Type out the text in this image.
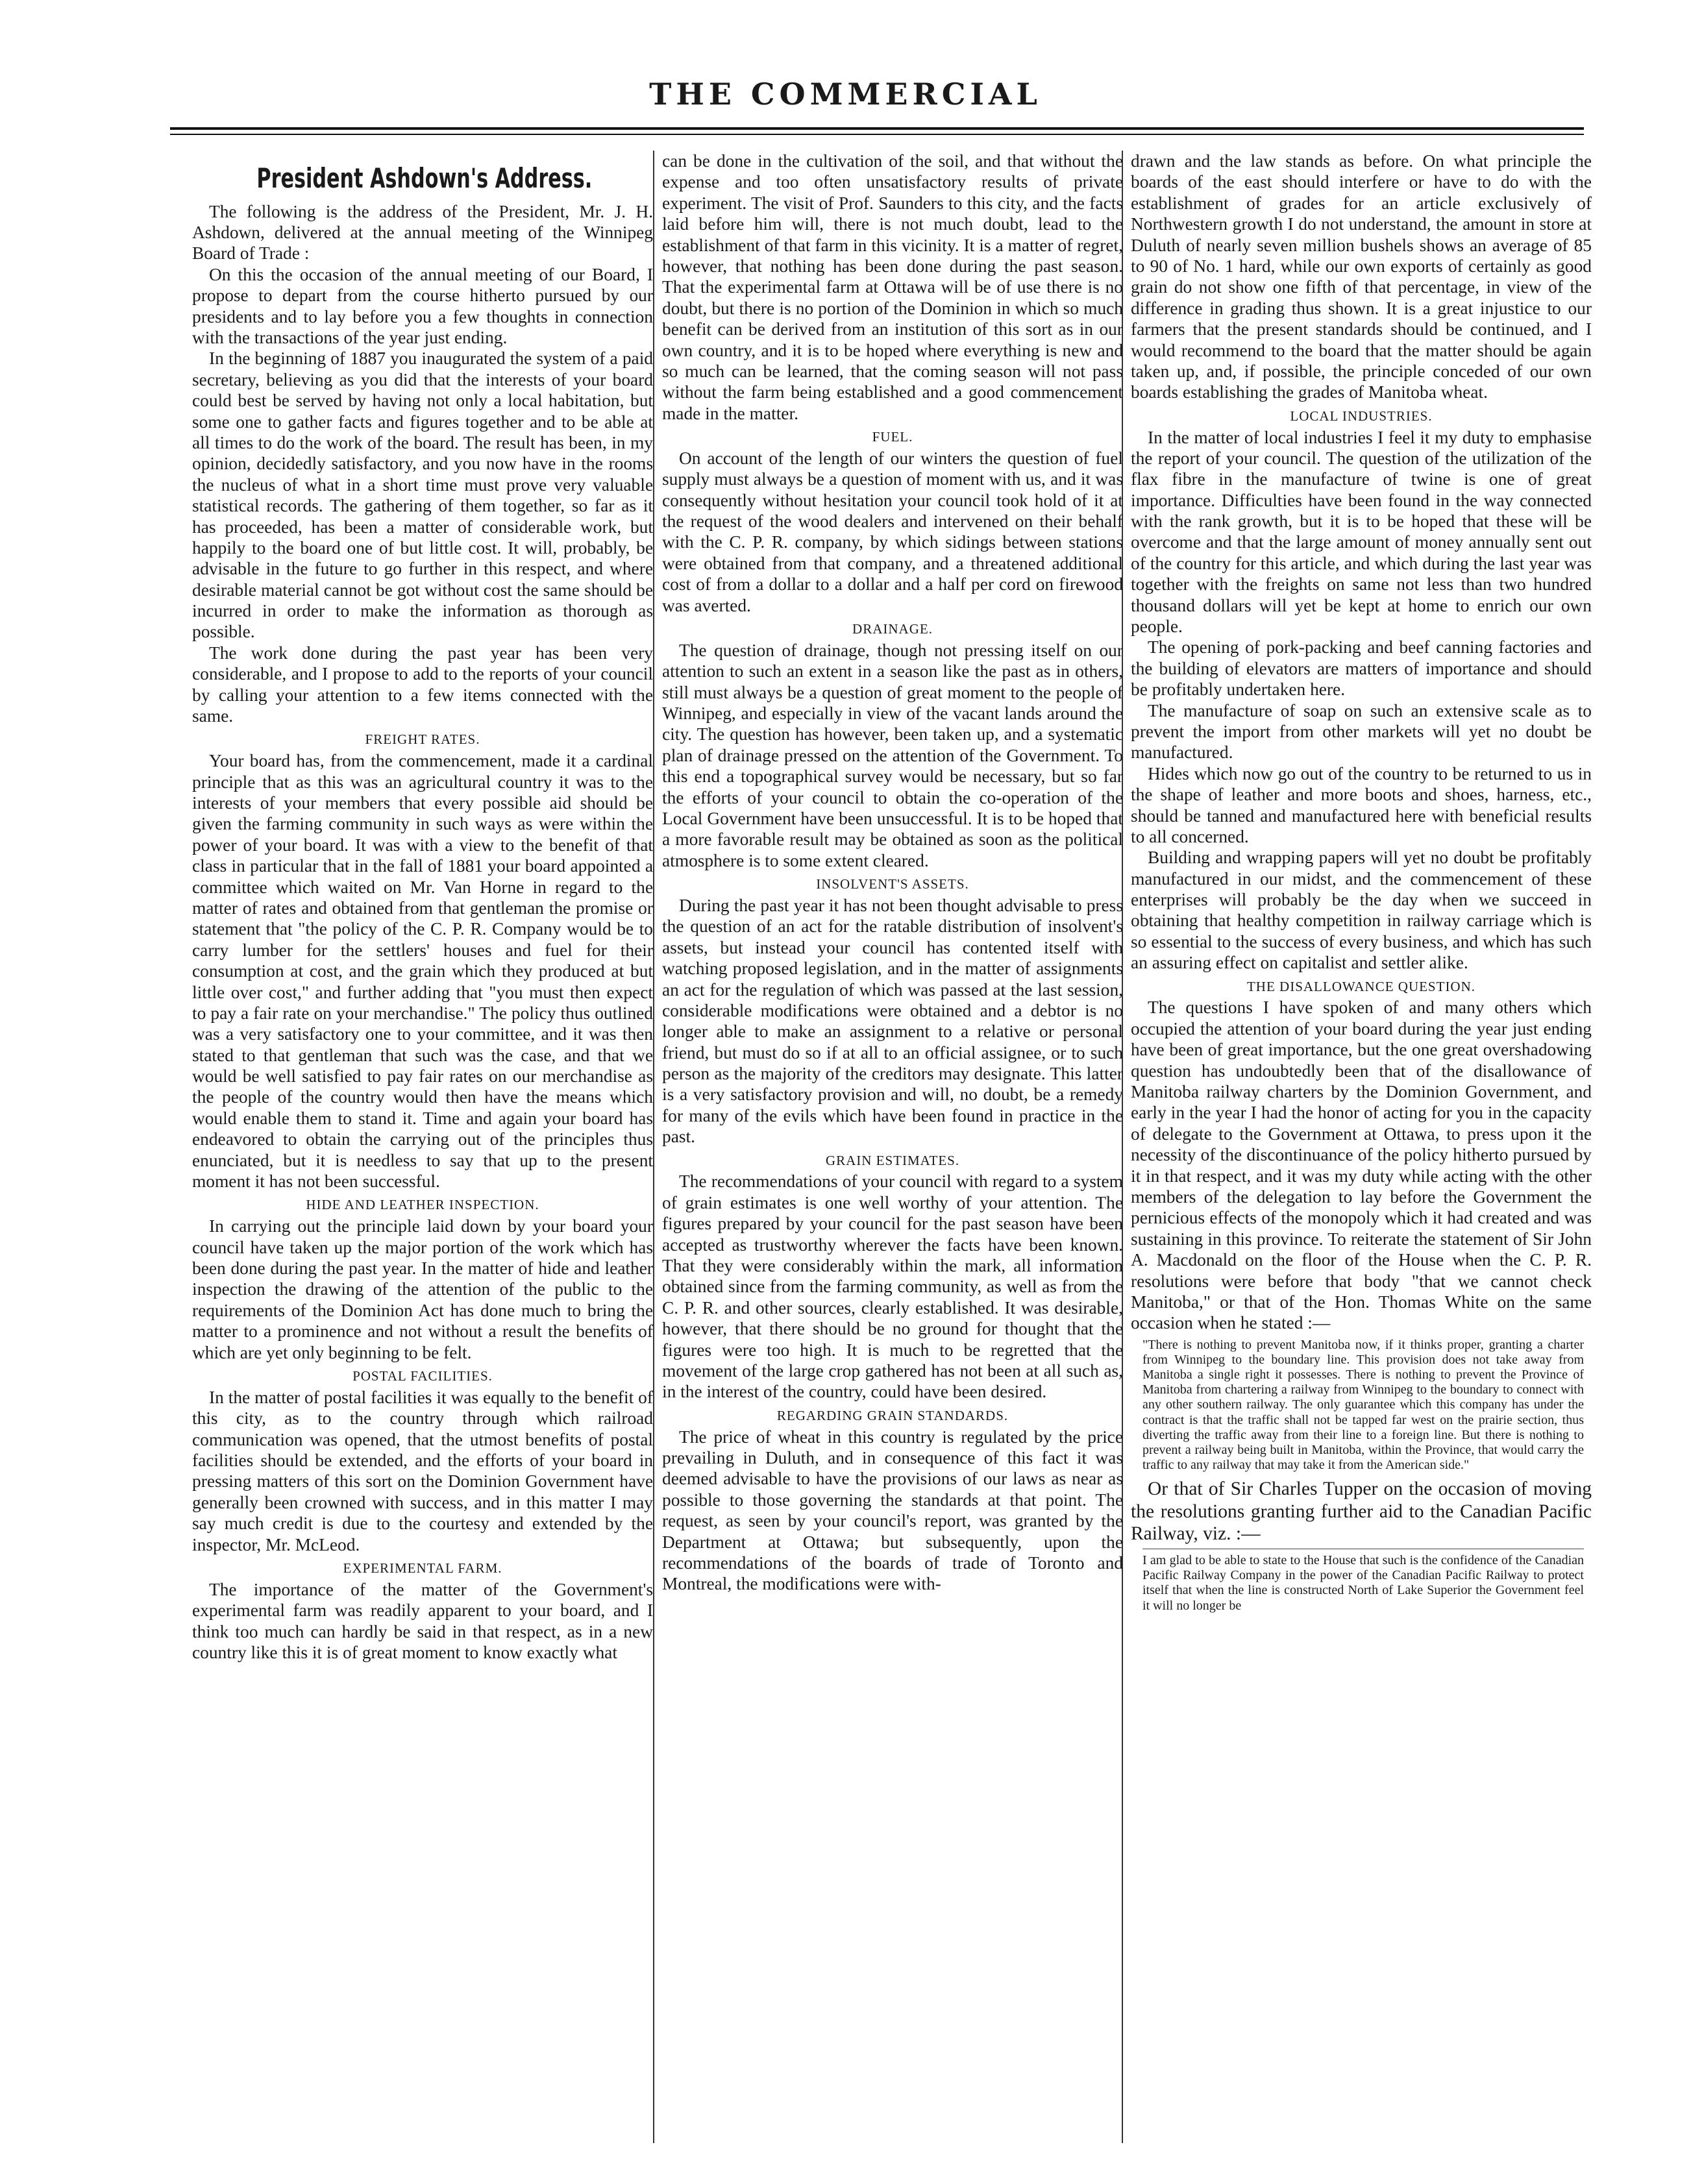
THE COMMERCIAL
President Ashdown's Address.

The following is the address of the President, Mr. J. H. Ashdown, delivered at the annual meeting of the Winnipeg Board of Trade :

On this the occasion of the annual meeting of our Board, I propose to depart from the course hitherto pursued by our presidents and to lay before you a few thoughts in connection with the transactions of the year just ending.

In the beginning of 1887 you inaugurated the system of a paid secretary, believing as you did that the interests of your board could best be served by having not only a local habitation, but some one to gather facts and figures together and to be able at all times to do the work of the board. The result has been, in my opinion, decidedly satisfactory, and you now have in the rooms the nucleus of what in a short time must prove very valuable statistical records. The gathering of them together, so far as it has proceeded, has been a matter of considerable work, but happily to the board one of but little cost. It will, probably, be advisable in the future to go further in this respect, and where desirable material cannot be got without cost the same should be incurred in order to make the information as thorough as possible.

The work done during the past year has been very considerable, and I propose to add to the reports of your council by calling your attention to a few items connected with the same.

FREIGHT RATES.

Your board has, from the commencement, made it a cardinal principle that as this was an agricultural country it was to the interests of your members that every possible aid should be given the farming community in such ways as were within the power of your board. It was with a view to the benefit of that class in particular that in the fall of 1881 your board appointed a committee which waited on Mr. Van Horne in regard to the matter of rates and obtained from that gentleman the promise or statement that "the policy of the C. P. R. Company would be to carry lumber for the settlers' houses and fuel for their consumption at cost, and the grain which they produced at but little over cost," and further adding that "you must then expect to pay a fair rate on your merchandise." The policy thus outlined was a very satisfactory one to your committee, and it was then stated to that gentleman that such was the case, and that we would be well satisfied to pay fair rates on our merchandise as the people of the country would then have the means which would enable them to stand it. Time and again your board has endeavored to obtain the carrying out of the principles thus enunciated, but it is needless to say that up to the present moment it has not been successful.

HIDE AND LEATHER INSPECTION.

In carrying out the principle laid down by your board your council have taken up the major portion of the work which has been done during the past year. In the matter of hide and leather inspection the drawing of the attention of the public to the requirements of the Dominion Act has done much to bring the matter to a prominence and not without a result the benefits of which are yet only beginning to be felt.

POSTAL FACILITIES.

In the matter of postal facilities it was equally to the benefit of this city, as to the country through which railroad communication was opened, that the utmost benefits of postal facilities should be extended, and the efforts of your board in pressing matters of this sort on the Dominion Government have generally been crowned with success, and in this matter I may say much credit is due to the courtesy and extended by the inspector, Mr. McLeod.

EXPERIMENTAL FARM.

The importance of the matter of the Government's experimental farm was readily apparent to your board, and I think too much can hardly be said in that respect, as in a new country like this it is of great moment to know exactly what

can be done in the cultivation of the soil, and that without the expense and too often unsatisfactory results of private experiment. The visit of Prof. Saunders to this city, and the facts laid before him will, there is not much doubt, lead to the establishment of that farm in this vicinity. It is a matter of regret, however, that nothing has been done during the past season. That the experimental farm at Ottawa will be of use there is no doubt, but there is no portion of the Dominion in which so much benefit can be derived from an institution of this sort as in our own country, and it is to be hoped where everything is new and so much can be learned, that the coming season will not pass without the farm being established and a good commencement made in the matter.

FUEL.

On account of the length of our winters the question of fuel supply must always be a question of moment with us, and it was consequently without hesitation your council took hold of it at the request of the wood dealers and intervened on their behalf with the C. P. R. company, by which sidings between stations were obtained from that company, and a threatened additional cost of from a dollar to a dollar and a half per cord on firewood was averted.

DRAINAGE.

The question of drainage, though not pressing itself on our attention to such an extent in a season like the past as in others, still must always be a question of great moment to the people of Winnipeg, and especially in view of the vacant lands around the city. The question has however, been taken up, and a systematic plan of drainage pressed on the attention of the Government. To this end a topographical survey would be necessary, but so far the efforts of your council to obtain the co-operation of the Local Government have been unsuccessful. It is to be hoped that a more favorable result may be obtained as soon as the political atmosphere is to some extent cleared.

INSOLVENT'S ASSETS.

During the past year it has not been thought advisable to press the question of an act for the ratable distribution of insolvent's assets, but instead your council has contented itself with watching proposed legislation, and in the matter of assignments an act for the regulation of which was passed at the last session, considerable modifications were obtained and a debtor is no longer able to make an assignment to a relative or personal friend, but must do so if at all to an official assignee, or to such person as the majority of the creditors may designate. This latter is a very satisfactory provision and will, no doubt, be a remedy for many of the evils which have been found in practice in the past.

GRAIN ESTIMATES.

The recommendations of your council with regard to a system of grain estimates is one well worthy of your attention. The figures prepared by your council for the past season have been accepted as trustworthy wherever the facts have been known. That they were considerably within the mark, all information obtained since from the farming community, as well as from the C. P. R. and other sources, clearly established. It was desirable, however, that there should be no ground for thought that the figures were too high. It is much to be regretted that the movement of the large crop gathered has not been at all such as, in the interest of the country, could have been desired.

REGARDING GRAIN STANDARDS.

The price of wheat in this country is regulated by the price prevailing in Duluth, and in consequence of this fact it was deemed advisable to have the provisions of our laws as near as possible to those governing the standards at that point. The request, as seen by your council's report, was granted by the Department at Ottawa; but subsequently, upon the recommendations of the boards of trade of Toronto and Montreal, the modifications were with-

drawn and the law stands as before. On what principle the boards of the east should interfere or have to do with the establishment of grades for an article exclusively of Northwestern growth I do not understand, the amount in store at Duluth of nearly seven million bushels shows an average of 85 to 90 of No. 1 hard, while our own exports of certainly as good grain do not show one fifth of that percentage, in view of the difference in grading thus shown. It is a great injustice to our farmers that the present standards should be continued, and I would recommend to the board that the matter should be again taken up, and, if possible, the principle conceded of our own boards establishing the grades of Manitoba wheat.

LOCAL INDUSTRIES.

In the matter of local industries I feel it my duty to emphasise the report of your council. The question of the utilization of the flax fibre in the manufacture of twine is one of great importance. Difficulties have been found in the way connected with the rank growth, but it is to be hoped that these will be overcome and that the large amount of money annually sent out of the country for this article, and which during the last year was together with the freights on same not less than two hundred thousand dollars will yet be kept at home to enrich our own people.

The opening of pork-packing and beef canning factories and the building of elevators are matters of importance and should be profitably undertaken here.

The manufacture of soap on such an extensive scale as to prevent the import from other markets will yet no doubt be manufactured.

Hides which now go out of the country to be returned to us in the shape of leather and more boots and shoes, harness, etc., should be tanned and manufactured here with beneficial results to all concerned.

Building and wrapping papers will yet no doubt be profitably manufactured in our midst, and the commencement of these enterprises will probably be the day when we succeed in obtaining that healthy competition in railway carriage which is so essential to the success of every business, and which has such an assuring effect on capitalist and settler alike.

THE DISALLOWANCE QUESTION.

The questions I have spoken of and many others which occupied the attention of your board during the year just ending have been of great importance, but the one great overshadowing question has undoubtedly been that of the disallowance of Manitoba railway charters by the Dominion Government, and early in the year I had the honor of acting for you in the capacity of delegate to the Government at Ottawa, to press upon it the necessity of the discontinuance of the policy hitherto pursued by it in that respect, and it was my duty while acting with the other members of the delegation to lay before the Government the pernicious effects of the monopoly which it had created and was sustaining in this province. To reiterate the statement of Sir John A. Macdonald on the floor of the House when the C. P. R. resolutions were before that body "that we cannot check Manitoba," or that of the Hon. Thomas White on the same occasion when he stated :—

"There is nothing to prevent Manitoba now, if it thinks proper, granting a charter from Winnipeg to the boundary line. This provision does not take away from Manitoba a single right it possesses. There is nothing to prevent the Province of Manitoba from chartering a railway from Winnipeg to the boundary to connect with any other southern railway. The only guarantee which this company has under the contract is that the traffic shall not be tapped far west on the prairie section, thus diverting the traffic away from their line to a foreign line. But there is nothing to prevent a railway being built in Manitoba, within the Province, that would carry the traffic to any railway that may take it from the American side."

Or that of Sir Charles Tupper on the occasion of moving the resolutions granting further aid to the Canadian Pacific Railway, viz. :—

I am glad to be able to state to the House that such is the confidence of the Canadian Pacific Railway Company in the power of the Canadian Pacific Railway to protect itself that when the line is constructed North of Lake Superior the Government feel it will no longer be
